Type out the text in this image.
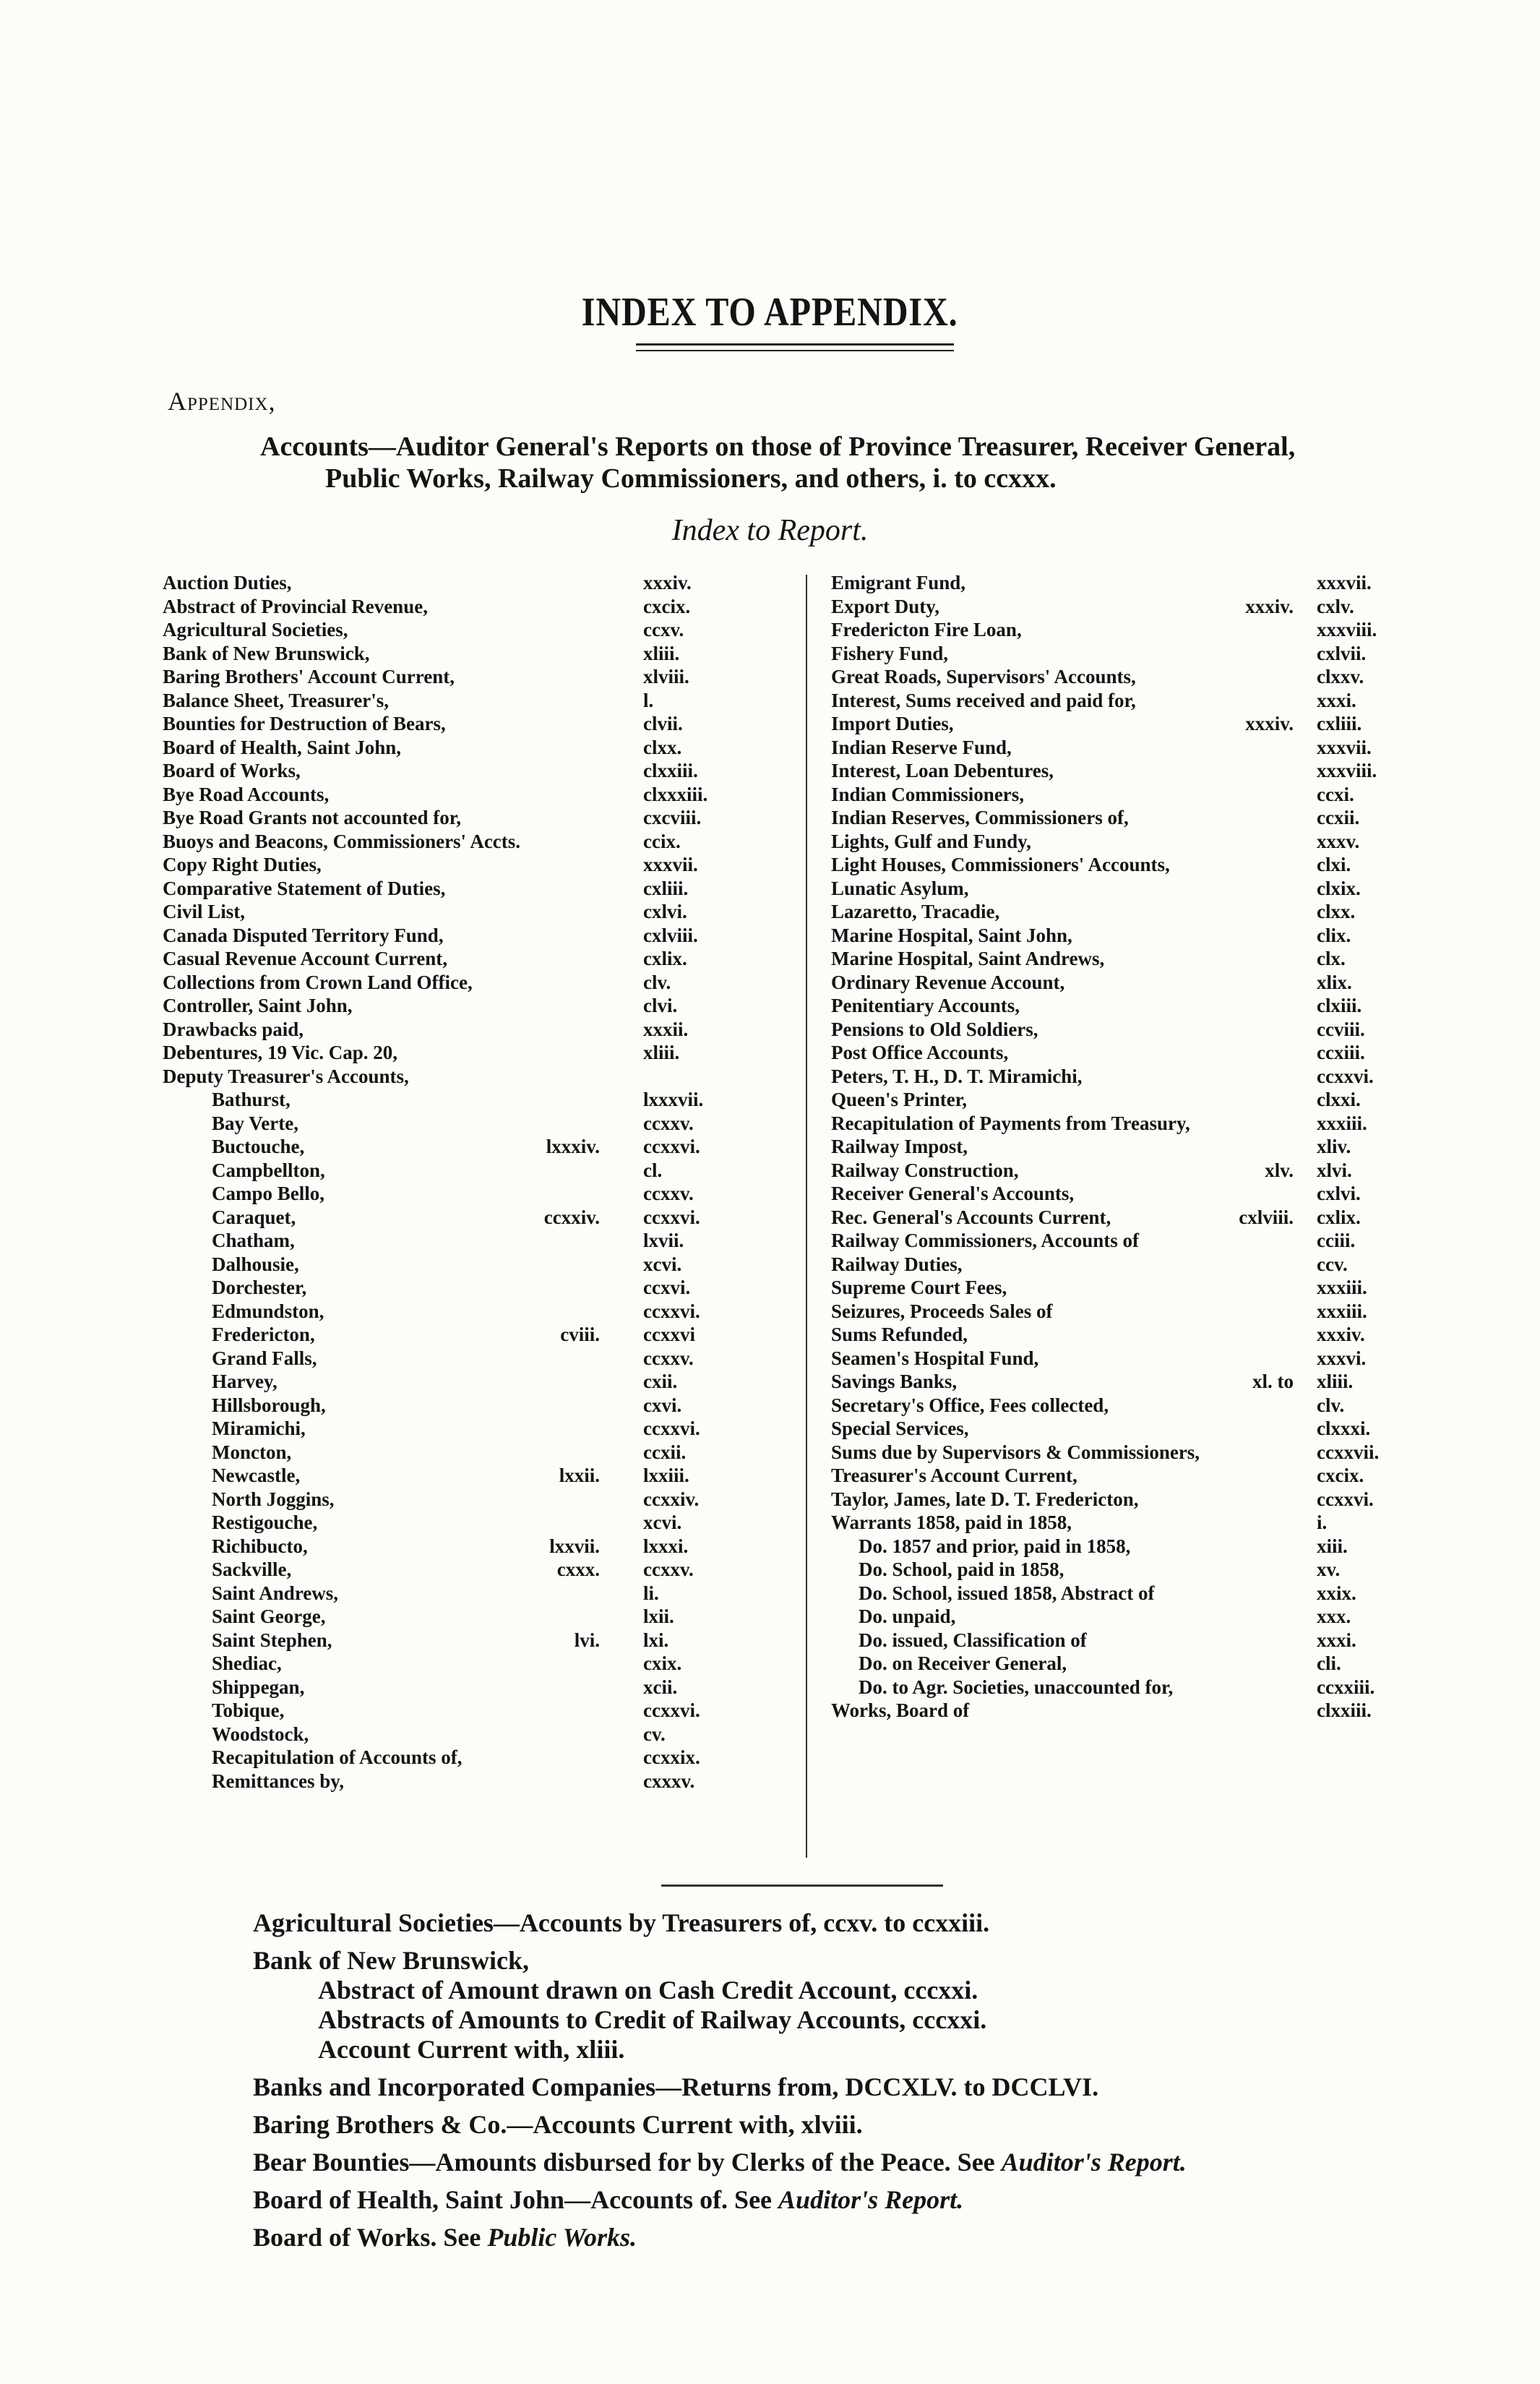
INDEX TO APPENDIX.
Appendix,
Accounts—Auditor General's Reports on those of Province Treasurer, Receiver General,
Public Works, Railway Commissioners, and others, i. to ccxxx.
Index to Report.
Auction Duties,	xxxiv.
Abstract of Provincial Revenue,	cxcix.
Agricultural Societies,	ccxv.
Bank of New Brunswick,	xliii.
Baring Brothers' Account Current,	xlviii.
Balance Sheet, Treasurer's,	l.
Bounties for Destruction of Bears,	clvii.
Board of Health, Saint John,	clxx.
Board of Works,	clxxiii.
Bye Road Accounts,	clxxxiii.
Bye Road Grants not accounted for,	cxcviii.
Buoys and Beacons, Commissioners' Accts.	ccix.
Copy Right Duties,	xxxvii.
Comparative Statement of Duties,	cxliii.
Civil List,	cxlvi.
Canada Disputed Territory Fund,	cxlviii.
Casual Revenue Account Current,	cxlix.
Collections from Crown Land Office,	clv.
Controller, Saint John,	clvi.
Drawbacks paid,	xxxii.
Debentures, 19 Vic. Cap. 20,	xliii.
Deputy Treasurer's Accounts,
Bathurst,	lxxxvii.
Bay Verte,	ccxxv.
Buctouche,	lxxxiv. ccxxvi.
Campbellton,	cl.
Campo Bello,	ccxxv.
Caraquet,	ccxxiv. ccxxvi.
Chatham,	lxvii.
Dalhousie,	xcvi.
Dorchester,	ccxvi.
Edmundston,	ccxxvi.
Fredericton,	cviii. ccxxvi
Grand Falls,	ccxxv.
Harvey,	cxii.
Hillsborough,	cxvi.
Miramichi,	ccxxvi.
Moncton,	ccxii.
Newcastle,	lxxii. lxxiii.
North Joggins,	ccxxiv.
Restigouche,	xcvi.
Richibucto,	lxxvii. lxxxi.
Sackville,	cxxx. ccxxv.
Saint Andrews,	li.
Saint George,	lxii.
Saint Stephen,	lvi. lxi.
Shediac,	cxix.
Shippegan,	xcii.
Tobique,	ccxxvi.
Woodstock,	cv.
Recapitulation of Accounts of,	ccxxix.
Remittances by,	cxxxv.
Emigrant Fund,	xxxvii.
Export Duty,	xxxiv. cxlv.
Fredericton Fire Loan,	xxxviii.
Fishery Fund,	cxlvii.
Great Roads, Supervisors' Accounts,	clxxv.
Interest, Sums received and paid for,	xxxi.
Import Duties,	xxxiv. cxliii.
Indian Reserve Fund,	xxxvii.
Interest, Loan Debentures,	xxxviii.
Indian Commissioners,	ccxi.
Indian Reserves, Commissioners of,	ccxii.
Lights, Gulf and Fundy,	xxxv.
Light Houses, Commissioners' Accounts,	clxi.
Lunatic Asylum,	clxix.
Lazaretto, Tracadie,	clxx.
Marine Hospital, Saint John,	clix.
Marine Hospital, Saint Andrews,	clx.
Ordinary Revenue Account,	xlix.
Penitentiary Accounts,	clxiii.
Pensions to Old Soldiers,	ccviii.
Post Office Accounts,	ccxiii.
Peters, T. H., D. T. Miramichi,	ccxxvi.
Queen's Printer,	clxxi.
Recapitulation of Payments from Treasury,	xxxiii.
Railway Impost,	xliv.
Railway Construction,	xlv. xlvi.
Receiver General's Accounts,	cxlvi.
Rec. General's Accounts Current,	cxlviii. cxlix.
Railway Commissioners, Accounts of	cciii.
Railway Duties,	ccv.
Supreme Court Fees,	xxxiii.
Seizures, Proceeds Sales of	xxxiii.
Sums Refunded,	xxxiv.
Seamen's Hospital Fund,	xxxvi.
Savings Banks,	xl. to xliii.
Secretary's Office, Fees collected,	clv.
Special Services,	clxxxi.
Sums due by Supervisors & Commissioners,	ccxxvii.
Treasurer's Account Current,	cxcix.
Taylor, James, late D. T. Fredericton,	ccxxvi.
Warrants 1858, paid in 1858,	i.
Do. 1857 and prior, paid in 1858,	xiii.
Do. School, paid in 1858,	xv.
Do. School, issued 1858, Abstract of	xxix.
Do. unpaid,	xxx.
Do. issued, Classification of	xxxi.
Do. on Receiver General,	cli.
Do. to Agr. Societies, unaccounted for,	ccxxiii.
Works, Board of	clxxiii.
Agricultural Societies—Accounts by Treasurers of, ccxv. to ccxxiii.
Bank of New Brunswick,
Abstract of Amount drawn on Cash Credit Account, cccxxi.
Abstracts of Amounts to Credit of Railway Accounts, cccxxi.
Account Current with, xliii.
Banks and Incorporated Companies—Returns from, DCCXLV. to DCCLVI.
Baring Brothers & Co.—Accounts Current with, xlviii.
Bear Bounties—Amounts disbursed for by Clerks of the Peace. See Auditor's Report.
Board of Health, Saint John—Accounts of. See Auditor's Report.
Board of Works. See Public Works.
